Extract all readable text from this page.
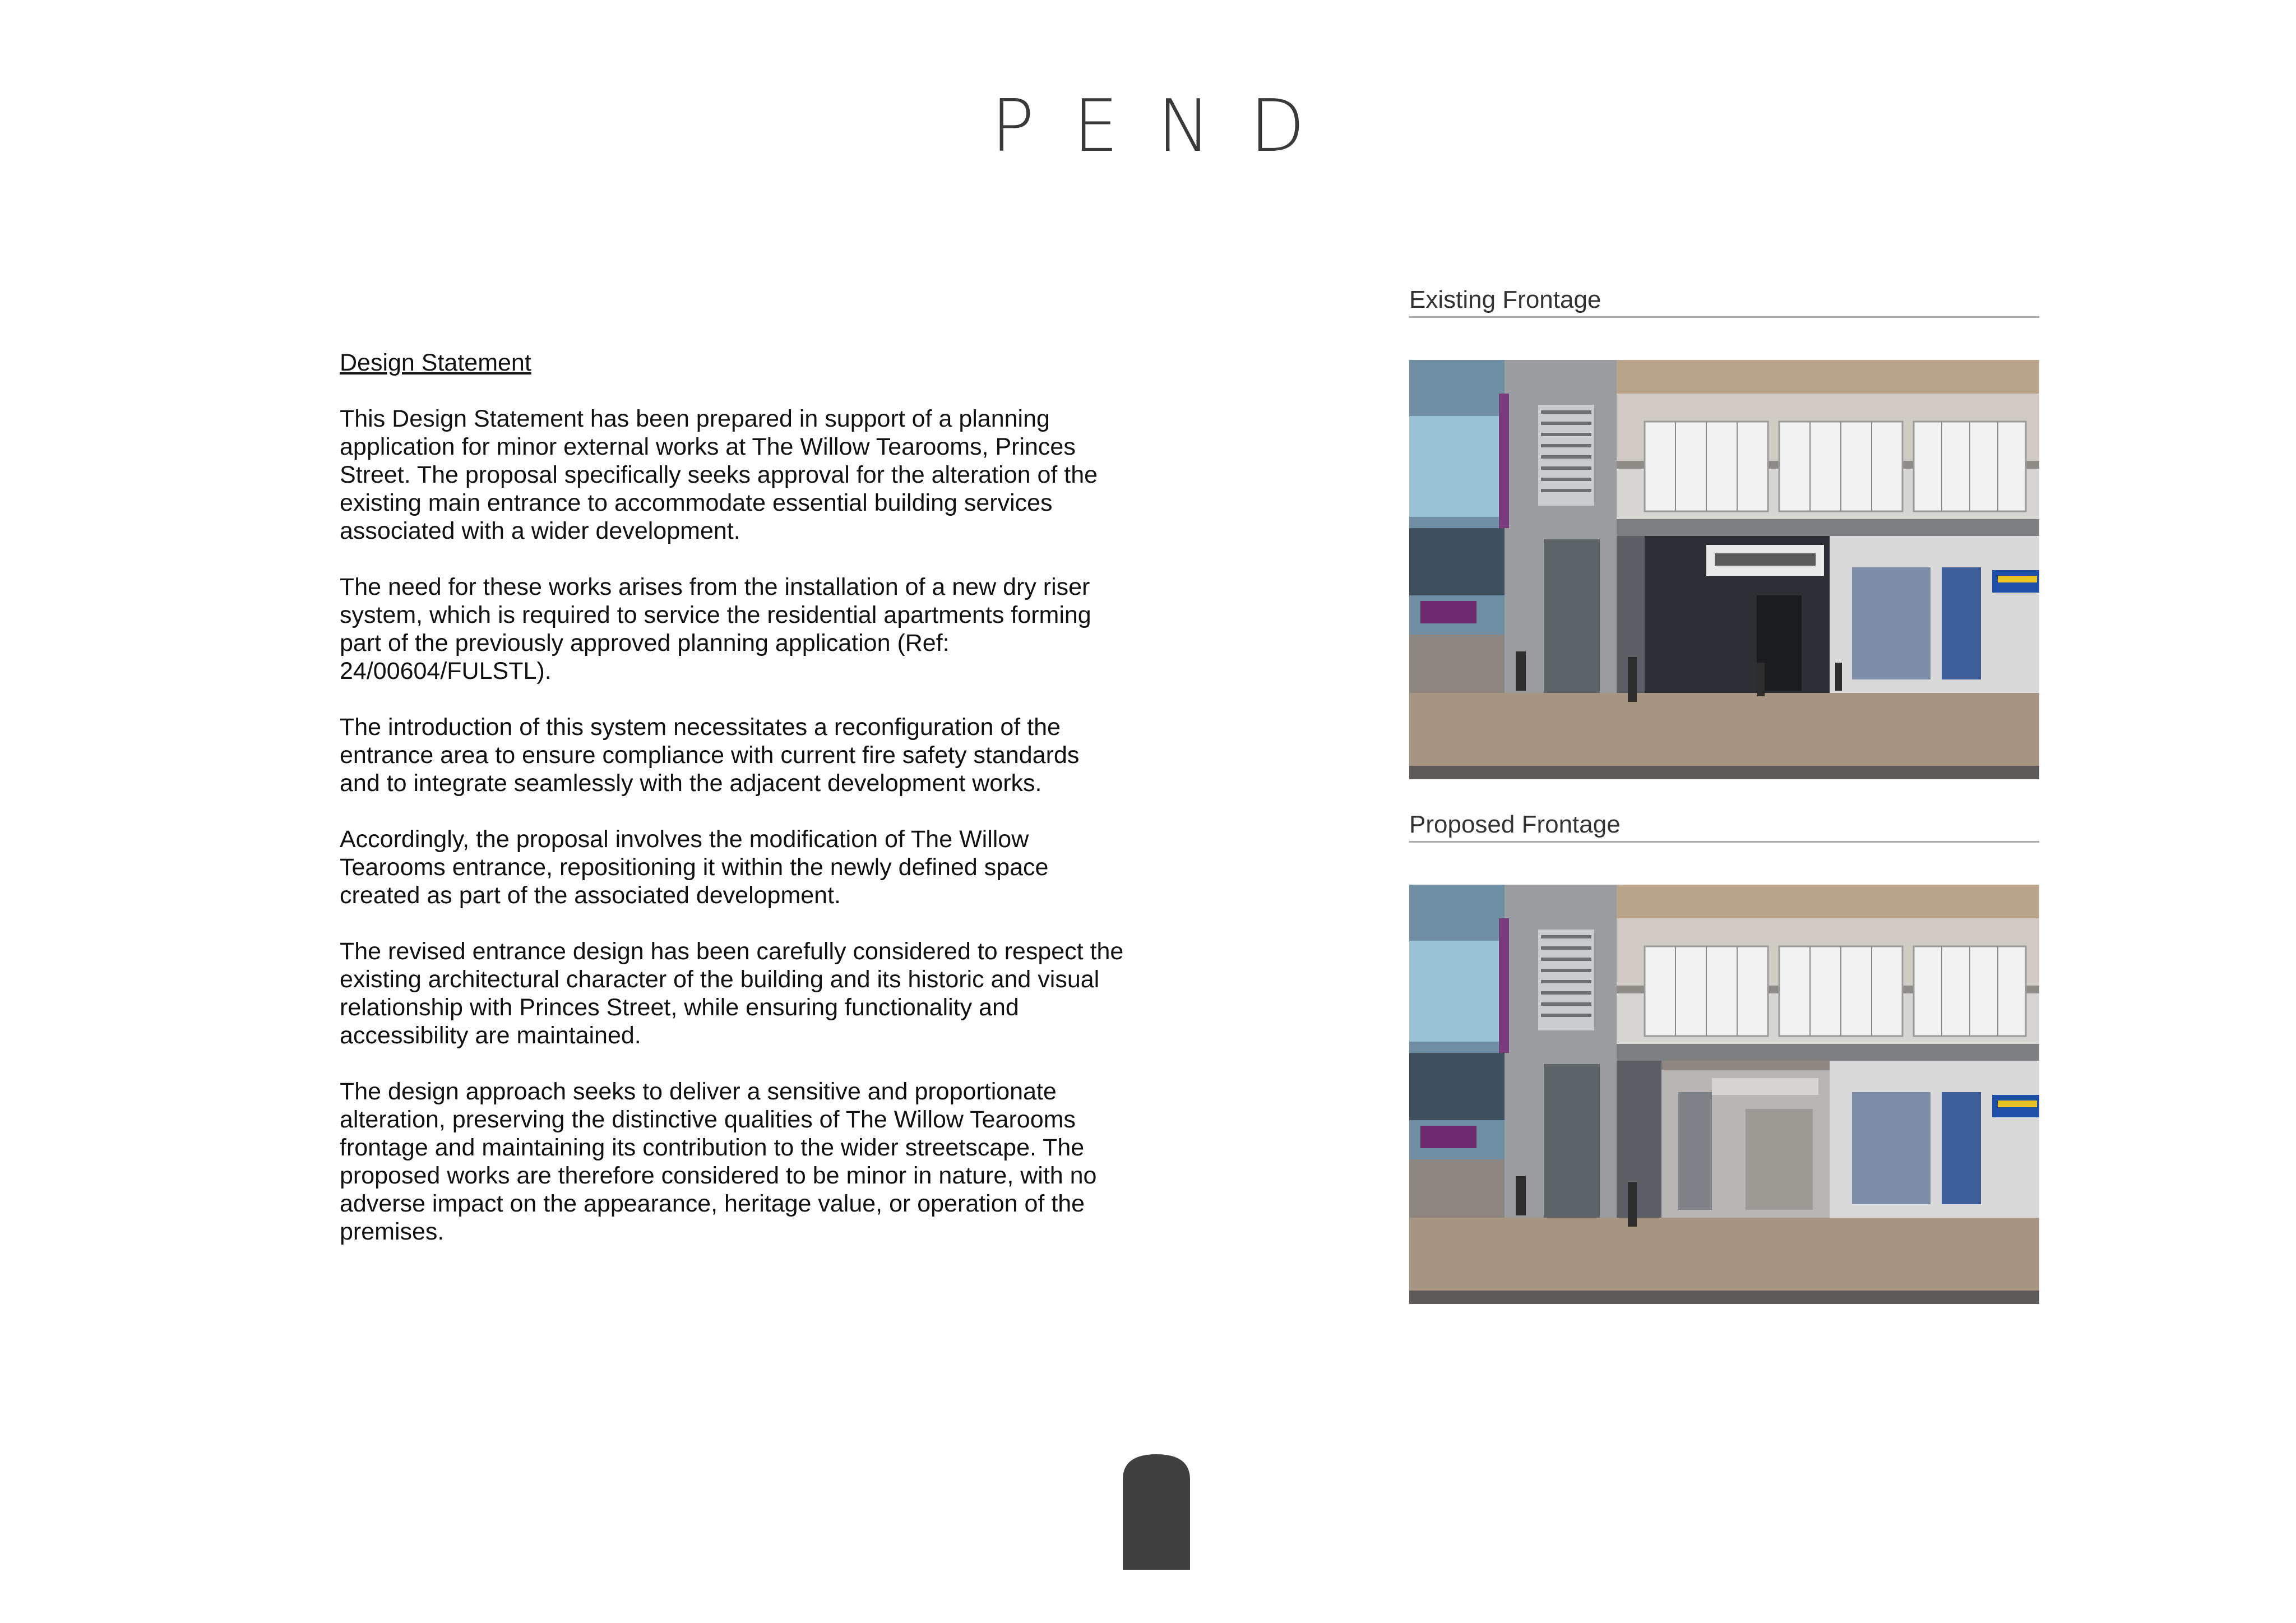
P E N D

Design Statement

This Design Statement has been prepared in support of a planning application for minor external works at The Willow Tearooms, Princes Street. The proposal specifically seeks approval for the alteration of the existing main entrance to accommodate essential building services associated with a wider development.

The need for these works arises from the installation of a new dry riser system, which is required to service the residential apartments forming part of the previously approved planning application (Ref: 24/00604/FULSTL).

The introduction of this system necessitates a reconfiguration of the entrance area to ensure compliance with current fire safety standards and to integrate seamlessly with the adjacent development works.

Accordingly, the proposal involves the modification of The Willow Tearooms entrance, repositioning it within the newly defined space created as part of the associated development.

The revised entrance design has been carefully considered to respect the existing architectural character of the building and its historic and visual relationship with Princes Street, while ensuring functionality and accessibility are maintained.

The design approach seeks to deliver a sensitive and proportionate alteration, preserving the distinctive qualities of The Willow Tearooms frontage and maintaining its contribution to the wider streetscape. The proposed works are therefore considered to be minor in nature, with no adverse impact on the appearance, heritage value, or operation of the premises.

Existing Frontage
Proposed Frontage
